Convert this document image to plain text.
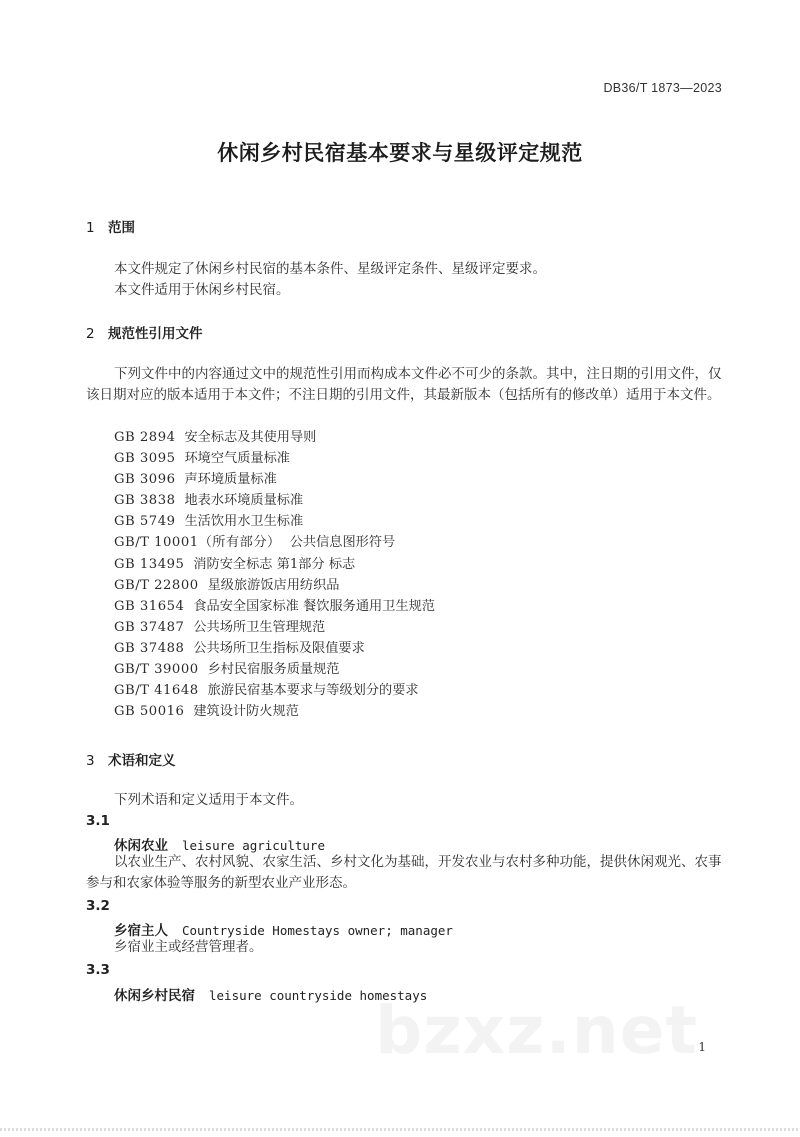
DB36/T 1873—2023
休闲乡村民宿基本要求与星级评定规范
1 范围
本文件规定了休闲乡村民宿的基本条件、星级评定条件、星级评定要求。
本文件适用于休闲乡村民宿。
2 规范性引用文件
下列文件中的内容通过文中的规范性引用而构成本文件必不可少的条款。其中，注日期的引用文件，仅该日期对应的版本适用于本文件；不注日期的引用文件，其最新版本（包括所有的修改单）适用于本文件。
GB 2894 安全标志及其使用导则
GB 3095 环境空气质量标准
GB 3096 声环境质量标准
GB 3838 地表水环境质量标准
GB 5749 生活饮用水卫生标准
GB/T 10001（所有部分） 公共信息图形符号
GB 13495 消防安全标志 第1部分 标志
GB/T 22800 星级旅游饭店用纺织品
GB 31654 食品安全国家标准 餐饮服务通用卫生规范
GB 37487 公共场所卫生管理规范
GB 37488 公共场所卫生指标及限值要求
GB/T 39000 乡村民宿服务质量规范
GB/T 41648 旅游民宿基本要求与等级划分的要求
GB 50016 建筑设计防火规范
3 术语和定义
下列术语和定义适用于本文件。
3.1
休闲农业 leisure agriculture
以农业生产、农村风貌、农家生活、乡村文化为基础，开发农业与农村多种功能，提供休闲观光、农事参与和农家体验等服务的新型农业产业形态。
3.2
乡宿主人 Countryside Homestays owner; manager
乡宿业主或经营管理者。
3.3
休闲乡村民宿 leisure countryside homestays
bzxz.net 1
